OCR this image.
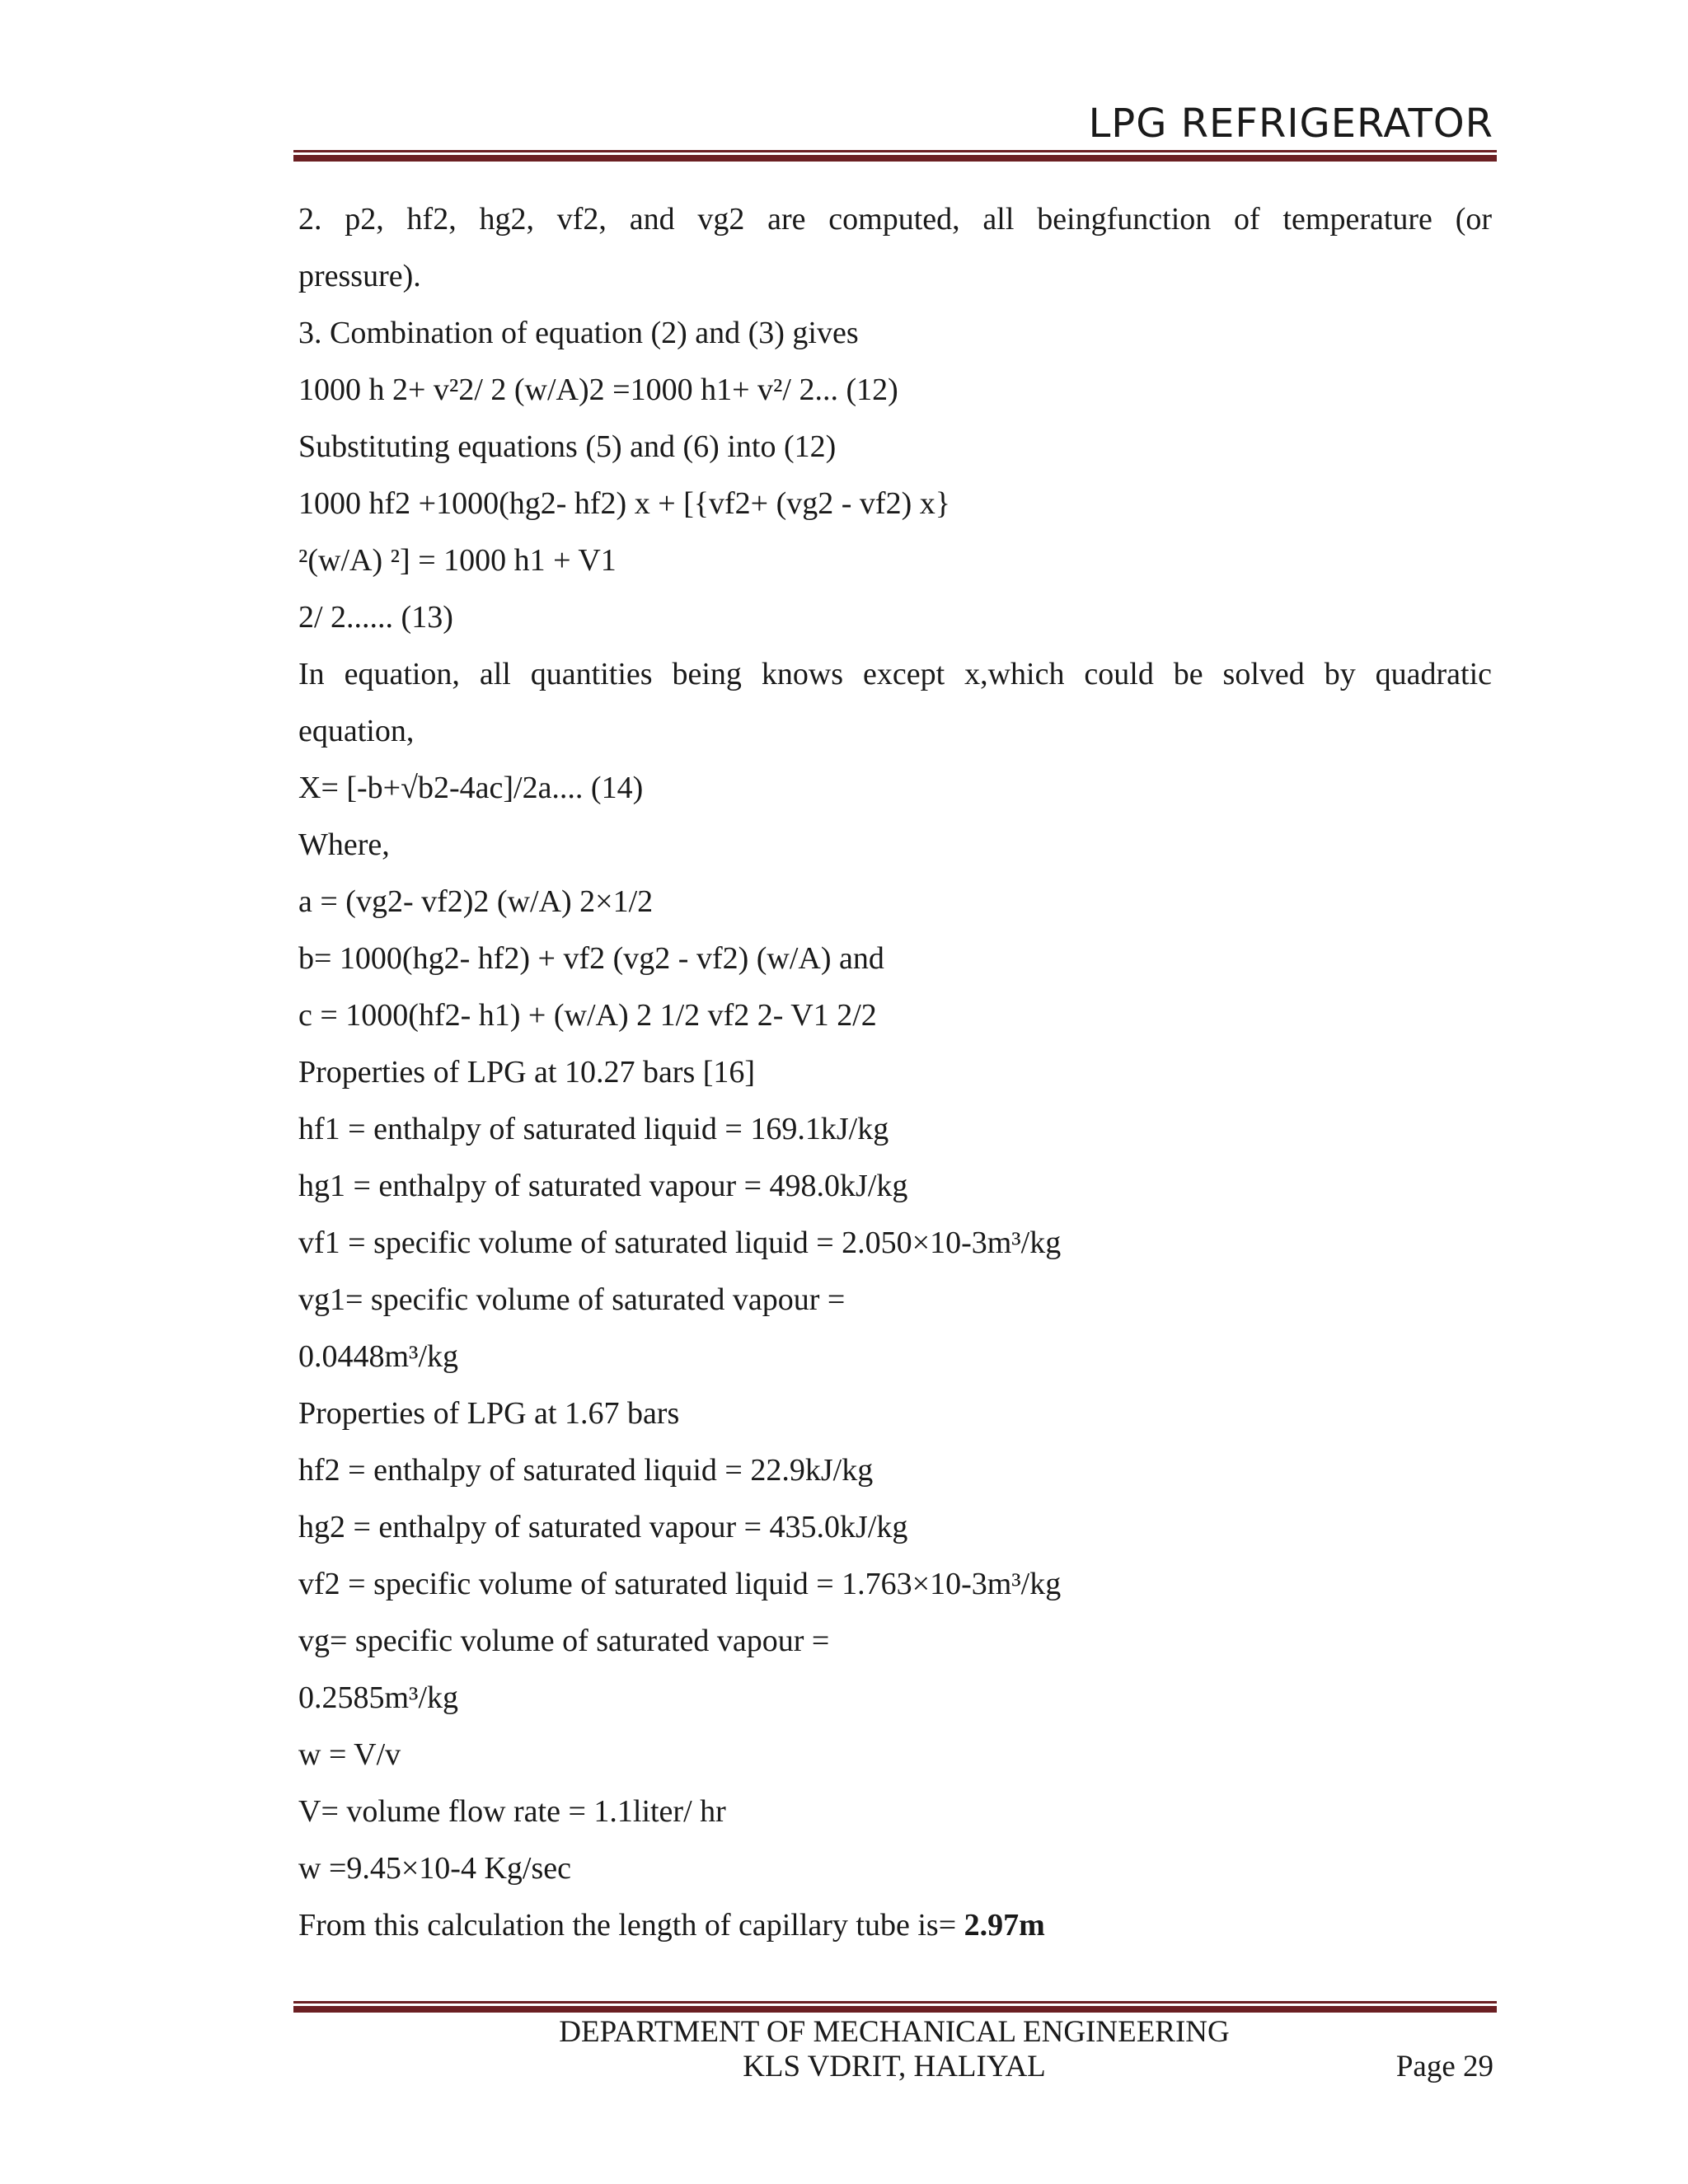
LPG REFRIGERATOR
2. p2, hf2, hg2, vf2, and vg2 are computed, all beingfunction of temperature (or
pressure).
3. Combination of equation (2) and (3) gives
1000 h 2+ v²2/ 2 (w/A)2 =1000 h1+ v²/ 2... (12)
Substituting equations (5) and (6) into (12)
1000 hf2 +1000(hg2- hf2) x + [{vf2+ (vg2 - vf2) x}
²(w/A) ²] = 1000 h1 + V1
2/ 2...... (13)
In equation, all quantities being knows except x,which could be solved by quadratic
equation,
X= [-b+√b2-4ac]/2a.... (14)
Where,
a = (vg2- vf2)2 (w/A) 2×1/2
b= 1000(hg2- hf2) + vf2 (vg2 - vf2) (w/A) and
c = 1000(hf2- h1) + (w/A) 2 1/2 vf2 2- V1 2/2
Properties of LPG at 10.27 bars [16]
hf1 = enthalpy of saturated liquid = 169.1kJ/kg
hg1 = enthalpy of saturated vapour = 498.0kJ/kg
vf1 = specific volume of saturated liquid = 2.050×10-3m³/kg
vg1= specific volume of saturated vapour =
0.0448m³/kg
Properties of LPG at 1.67 bars
hf2 = enthalpy of saturated liquid = 22.9kJ/kg
hg2 = enthalpy of saturated vapour = 435.0kJ/kg
vf2 = specific volume of saturated liquid = 1.763×10-3m³/kg
vg= specific volume of saturated vapour =
0.2585m³/kg
w = V/v
V= volume flow rate = 1.1liter/ hr
w =9.45×10-4 Kg/sec
From this calculation the length of capillary tube is= 2.97m
DEPARTMENT OF MECHANICAL ENGINEERING
KLS VDRIT, HALIYAL	Page 29
